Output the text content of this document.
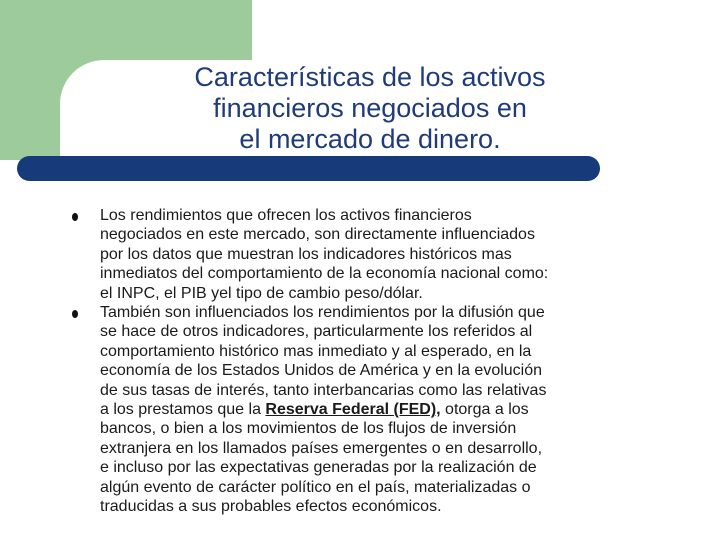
Características de los activos
financieros negociados en
el mercado de dinero.
Los rendimientos que ofrecen los activos financieros
negociados en este mercado, son directamente influenciados
por los datos que muestran los indicadores históricos mas
inmediatos del comportamiento de la economía nacional como:
el INPC, el PIB yel tipo de cambio peso/dólar.
También son influenciados los rendimientos por la difusión que
se hace de otros indicadores, particularmente los referidos al
comportamiento histórico mas inmediato y al esperado, en la
economía de los Estados Unidos de América y en la evolución
de sus tasas de interés, tanto interbancarias como las relativas
a los prestamos que la Reserva Federal (FED), otorga a los
bancos, o bien a los movimientos de los flujos de inversión
extranjera en los llamados países emergentes o en desarrollo,
e incluso por las expectativas generadas por la realización de
algún evento de carácter político en el país, materializadas o
traducidas a sus probables efectos económicos.
